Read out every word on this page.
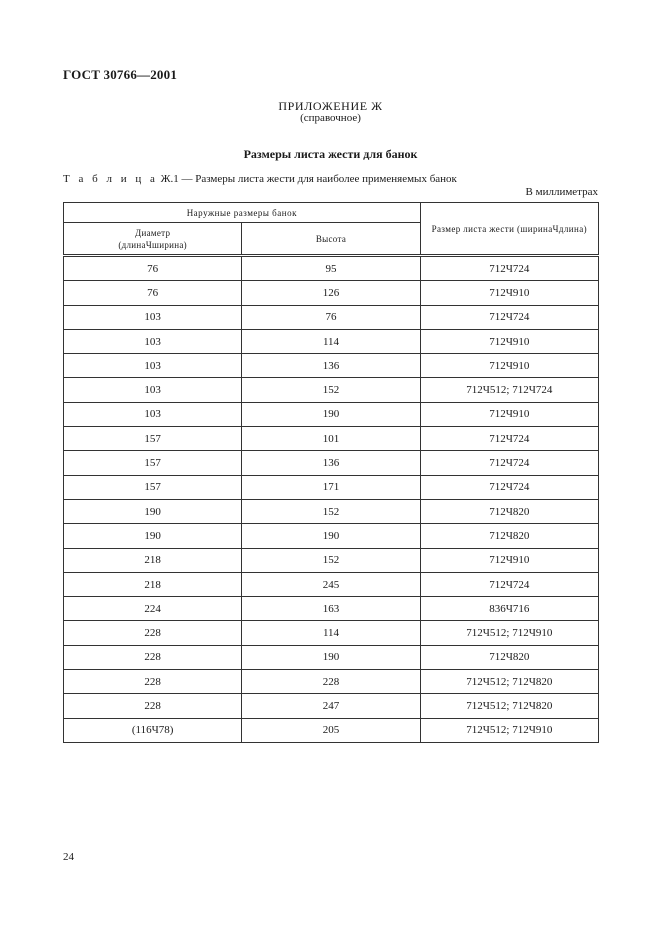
ГОСТ 30766—2001
ПРИЛОЖЕНИЕ Ж
(справочное)
Размеры листа жести для банок
Т а б л и ц а Ж.1 — Размеры листа жести для наиболее применяемых банок
В миллиметрах
Наружные размеры банок		Размер листа жести (ширинаЧдлина)
Диаметр
(длинаЧширина)	Высота	
76	95	712Ч724
76	126	712Ч910
103	76	712Ч724
103	114	712Ч910
103	136	712Ч910
103	152	712Ч512; 712Ч724
103	190	712Ч910
157	101	712Ч724
157	136	712Ч724
157	171	712Ч724
190	152	712Ч820
190	190	712Ч820
218	152	712Ч910
218	245	712Ч724
224	163	836Ч716
228	114	712Ч512; 712Ч910
228	190	712Ч820
228	228	712Ч512; 712Ч820
228	247	712Ч512; 712Ч820
(116Ч78)	205	712Ч512; 712Ч910
24
